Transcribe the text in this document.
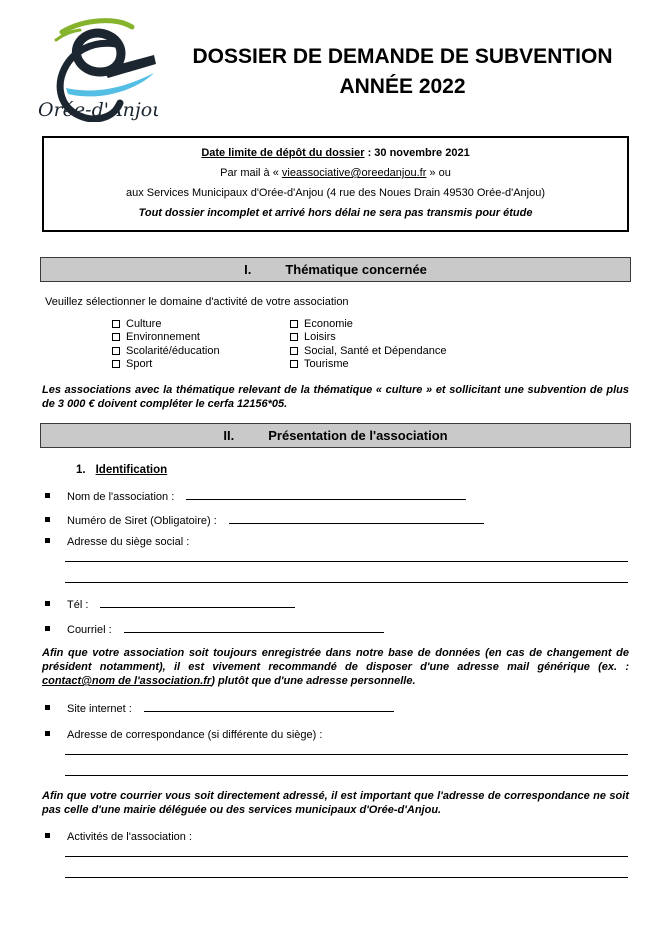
Orée-d'Anjou
DOSSIER DE DEMANDE DE SUBVENTION
ANNÉE 2022
Date limite de dépôt du dossier : 30 novembre 2021
Par mail à « vieassociative@oreedanjou.fr » ou
aux Services Municipaux d'Orée-d'Anjou (4 rue des Noues Drain 49530 Orée-d'Anjou)
Tout dossier incomplet et arrivé hors délai ne sera pas transmis pour étude
I.	Thématique concernée
Veuillez sélectionner le domaine d'activité de votre association
Culture
Environnement
Scolarité/éducation
Sport
Economie
Loisirs
Social, Santé et Dépendance
Tourisme
Les associations avec la thématique relevant de la thématique « culture » et sollicitant une subvention de plus de 3 000 € doivent compléter le cerfa 12156*05.
II.	Présentation de l'association
1. Identification
Nom de l'association :
Numéro de Siret (Obligatoire) :
Adresse du siège social :
Tél :
Courriel :
Afin que votre association soit toujours enregistrée dans notre base de données (en cas de changement de président notamment), il est vivement recommandé de disposer d'une adresse mail générique (ex. : contact@nom de l'association.fr) plutôt que d'une adresse personnelle.
Site internet :
Adresse de correspondance (si différente du siège) :
Afin que votre courrier vous soit directement adressé, il est important que l'adresse de correspondance ne soit pas celle d'une mairie déléguée ou des services municipaux d'Orée-d'Anjou.
Activités de l'association :
